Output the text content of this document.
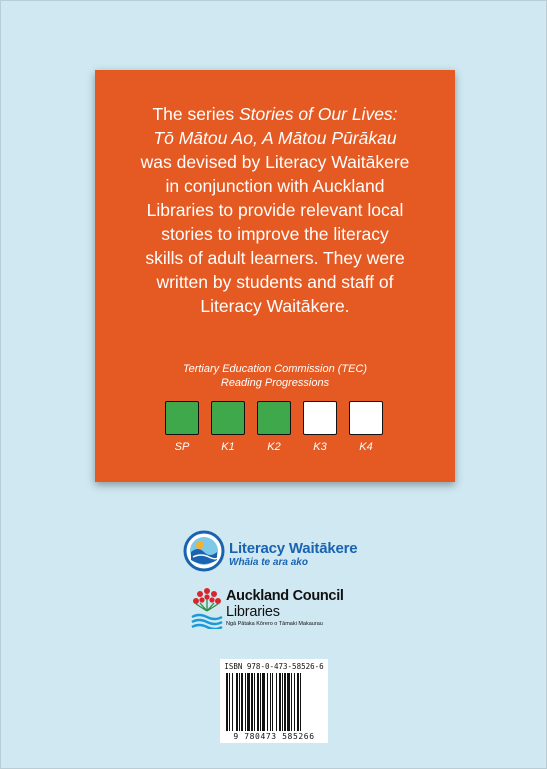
The series Stories of Our Lives:
Tō Mātou Ao, A Mātou Pūrākau
was devised by Literacy Waitākere
in conjunction with Auckland
Libraries to provide relevant local
stories to improve the literacy
skills of adult learners. They were
written by students and staff of
Literacy Waitākere.
Tertiary Education Commission (TEC)
Reading Progressions
SP	K1	K2	K3	K4
Literacy Waitākere
Whāia te ara ako
Auckland Council
Libraries
Ngā Pātaka Kōrero o Tāmaki Makaurau
ISBN 978-0-473-58526-6
9 780473 585266
